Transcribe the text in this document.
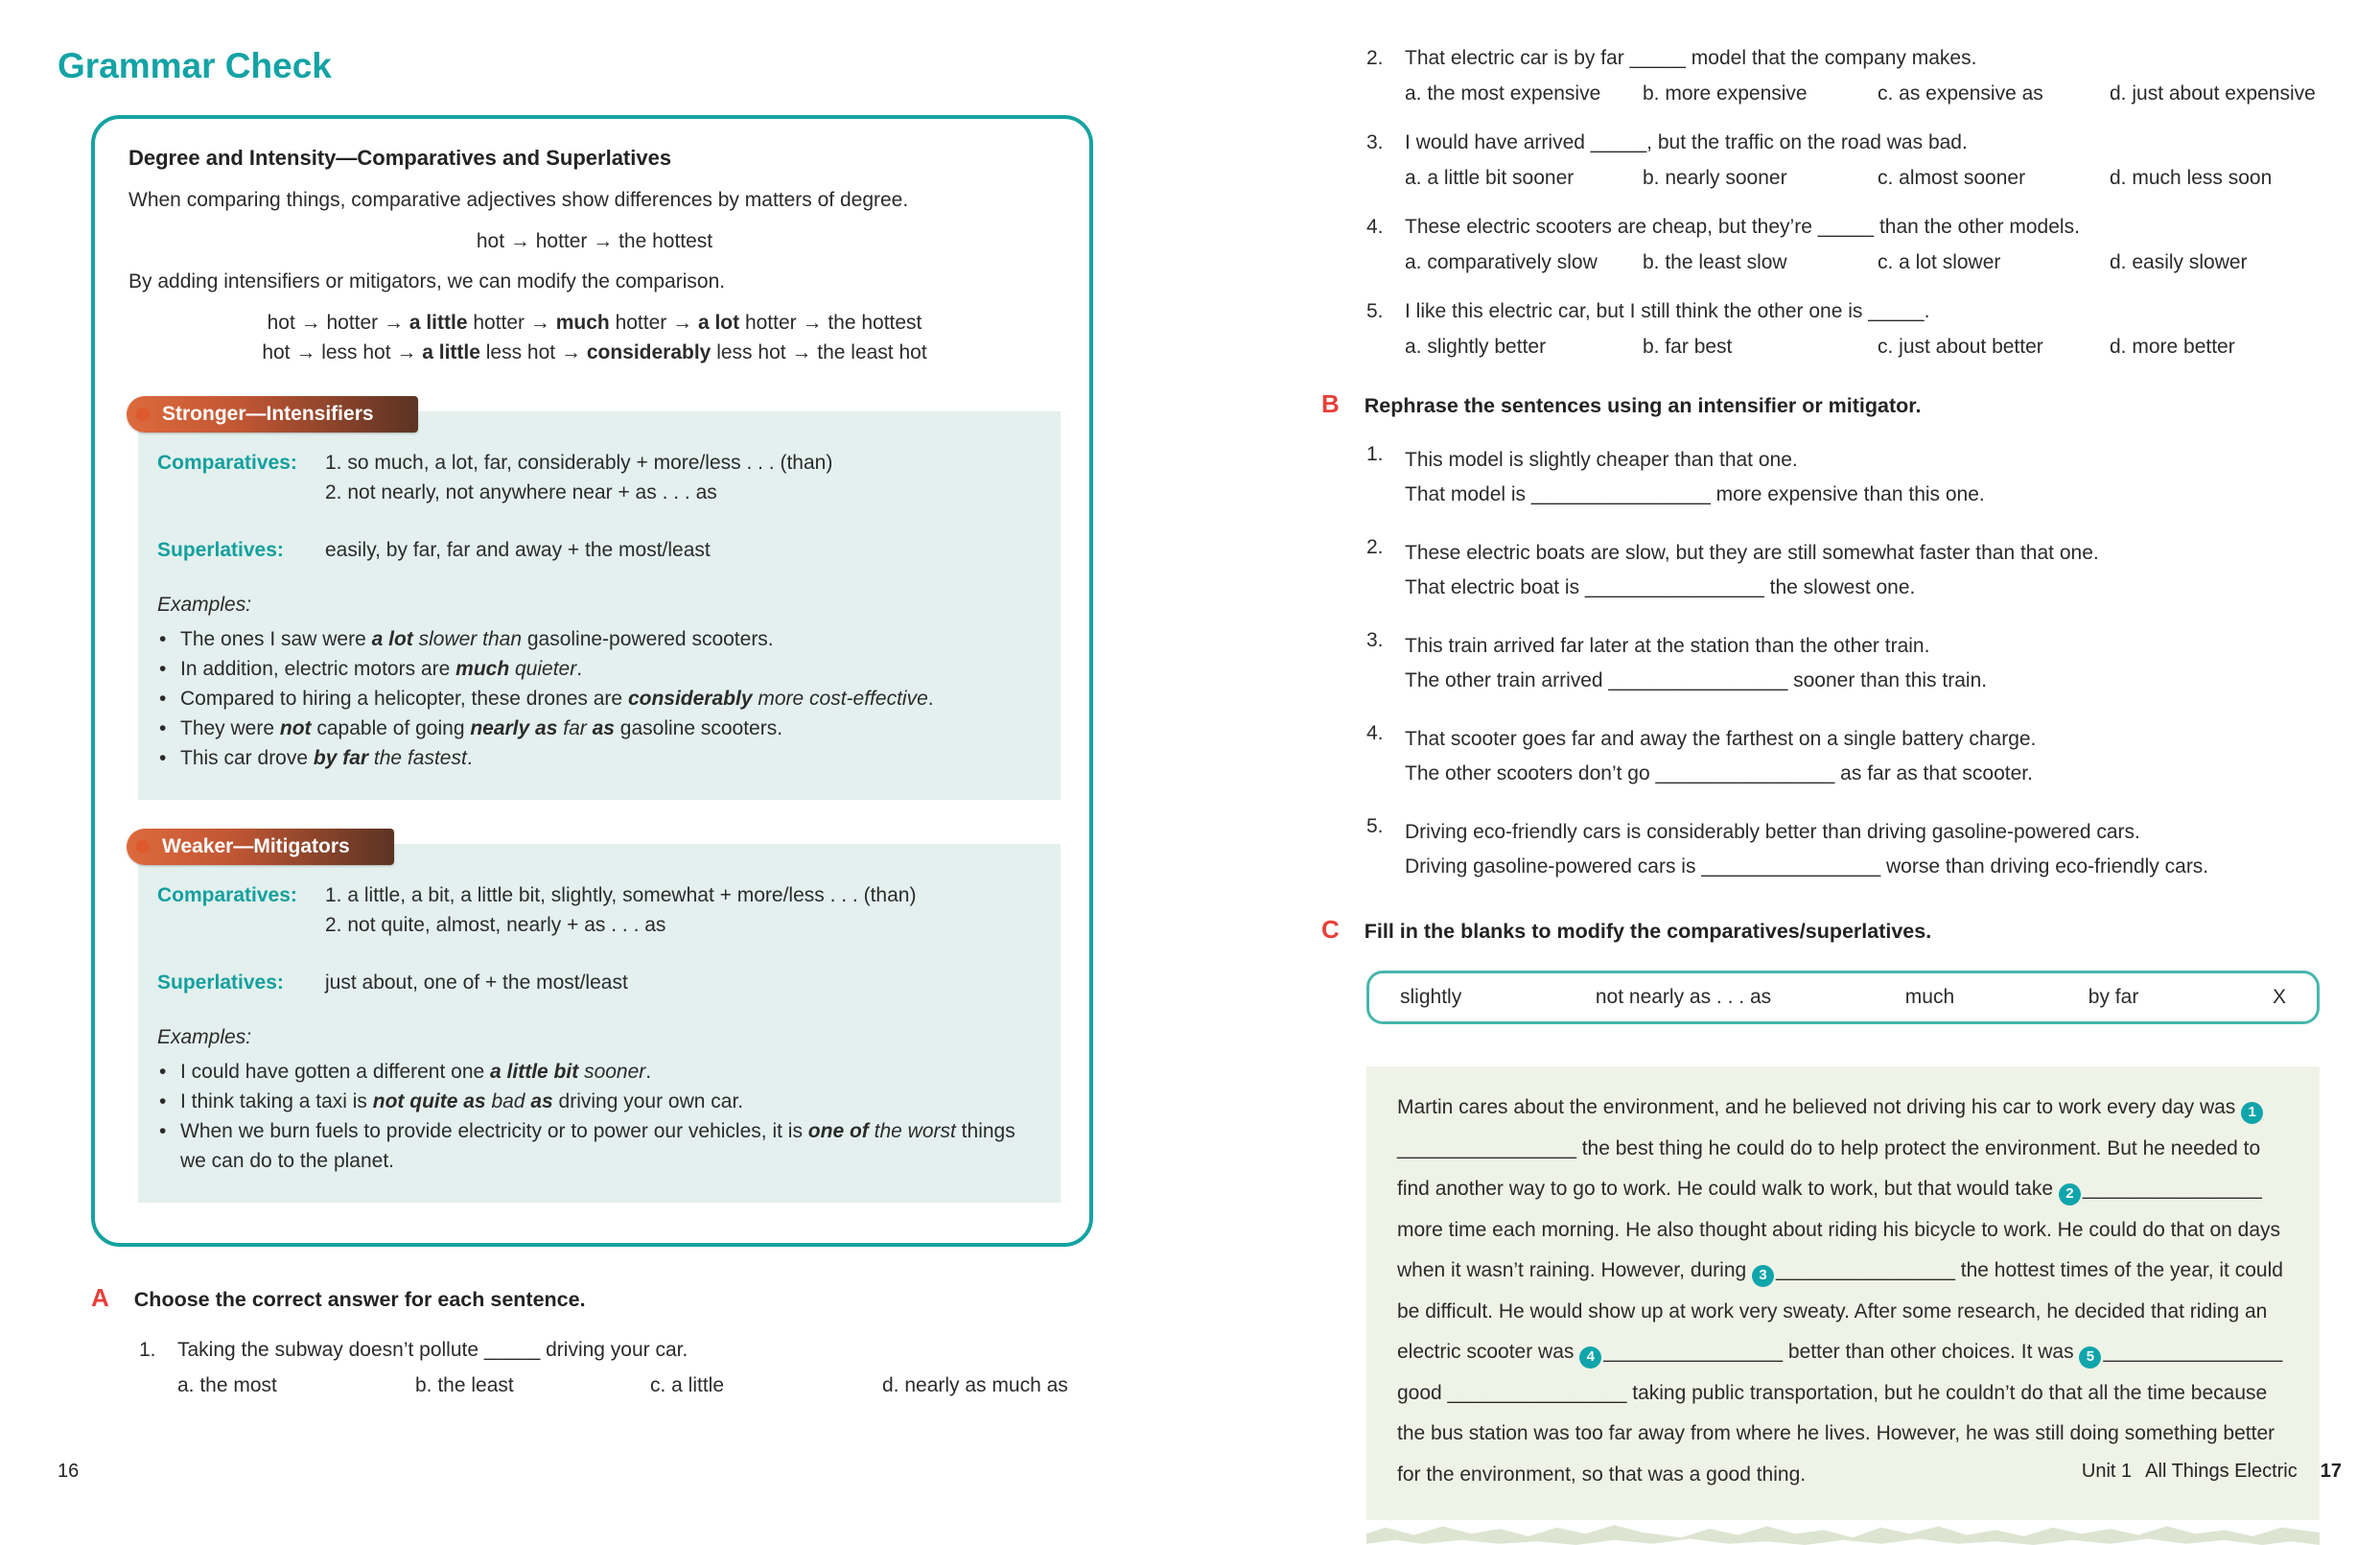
Grammar Check
Degree and Intensity—Comparatives and Superlatives

When comparing things, comparative adjectives show differences by matters of degree.

hot → hotter → the hottest

By adding intensifiers or mitigators, we can modify the comparison.

hot → hotter → a little hotter → much hotter → a lot hotter → the hottest

hot → less hot → a little less hot → considerably less hot → the least hot

Stronger—Intensifiers
Comparatives:	1. so much, a lot, far, considerably + more/less . . . (than)
2. not nearly, not anywhere near + as . . . as
Superlatives:	easily, by far, far and away + the most/least
Examples:
• The ones I saw were a lot slower than gasoline-powered scooters.
• In addition, electric motors are much quieter.
• Compared to hiring a helicopter, these drones are considerably more cost-effective.
• They were not capable of going nearly as far as gasoline scooters.
• This car drove by far the fastest.
Weaker—Mitigators
Comparatives:	1. a little, a bit, a little bit, slightly, somewhat + more/less . . . (than)
2. not quite, almost, nearly + as . . . as
Superlatives:	just about, one of + the most/least
Examples:
• I could have gotten a different one a little bit sooner.
• I think taking a taxi is not quite as bad as driving your own car.
• When we burn fuels to provide electricity or to power our vehicles, it is one of the worst things we can do to the planet.
A Choose the correct answer for each sentence.
1. Taking the subway doesn’t pollute _____ driving your car.
a. the most	b. the least	c. a little	d. nearly as much as
2. That electric car is by far _____ model that the company makes.
a. the most expensive	b. more expensive	c. as expensive as	d. just about expensive
3. I would have arrived _____, but the traffic on the road was bad.
a. a little bit sooner	b. nearly sooner	c. almost sooner	d. much less soon
4. These electric scooters are cheap, but they’re _____ than the other models.
a. comparatively slow	b. the least slow	c. a lot slower	d. easily slower
5. I like this electric car, but I still think the other one is _____.
a. slightly better	b. far best	c. just about better	d. more better
B Rephrase the sentences using an intensifier or mitigator.
1.	This model is slightly cheaper than that one.
That model is ________________ more expensive than this one.
2.	These electric boats are slow, but they are still somewhat faster than that one.
That electric boat is ________________ the slowest one.
3.	This train arrived far later at the station than the other train.
The other train arrived ________________ sooner than this train.
4.	That scooter goes far and away the farthest on a single battery charge.
The other scooters don’t go ________________ as far as that scooter.
5.	Driving eco-friendly cars is considerably better than driving gasoline-powered cars.
Driving gasoline-powered cars is ________________ worse than driving eco-friendly cars.
C Fill in the blanks to modify the comparatives/superlatives.
slightly	not nearly as . . . as	much	by far	X
Martin cares about the environment, and he believed not driving his car to work every day was 1________________ the best thing he could do to help protect the environment. But he needed to find another way to go to work. He could walk to work, but that would take 2 ________________ more time each morning. He also thought about riding his bicycle to work. He could do that on days when it wasn’t raining. However, during 3 ________________ the hottest times of the year, it could be difficult. He would show up at work very sweaty. After some research, he decided that riding an electric scooter was 4 ________________ better than other choices. It was 5 ________________ good ________________ taking public transportation, but he couldn’t do that all the time because the bus station was too far away from where he lives. However, he was still doing something better for the environment, so that was a good thing.
16	Unit 1 All Things Electric 17
